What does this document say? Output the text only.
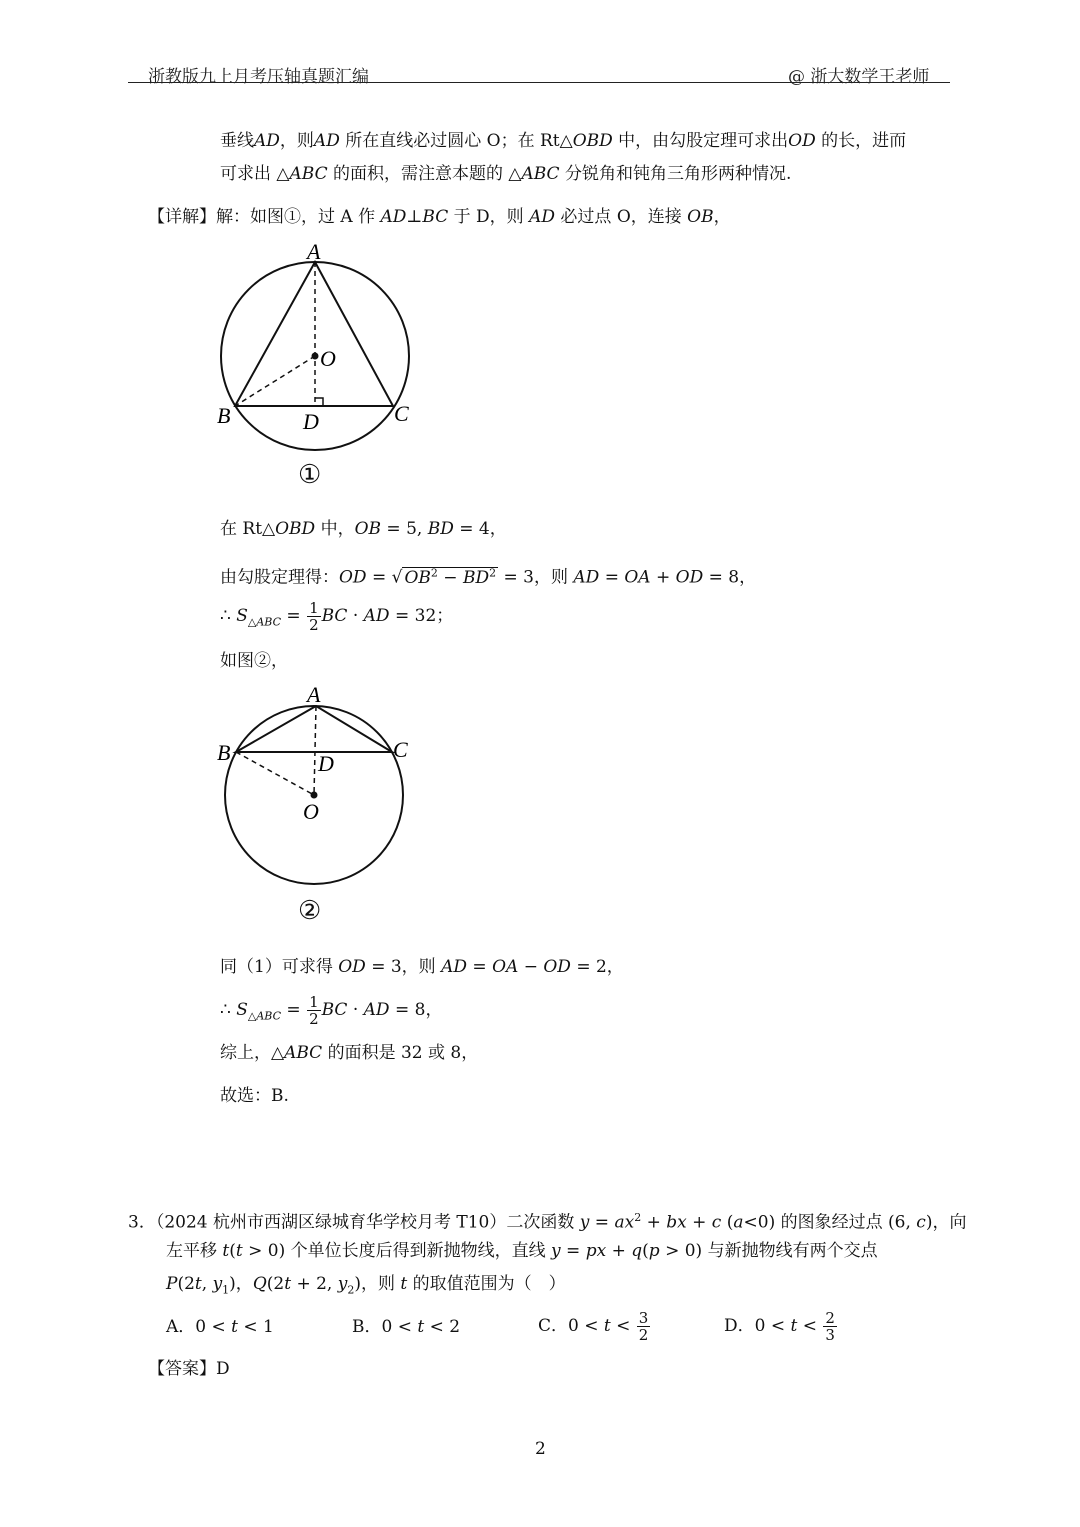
浙教版九上月考压轴真题汇编	@ 浙大数学王老师
垂线AD，则AD 所在直线必过圆心 O；在 Rt△OBD 中，由勾股定理可求出OD 的长，进而
可求出 △ABC 的面积，需注意本题的 △ABC 分锐角和钝角三角形两种情况.
【详解】解：如图①，过 A 作 AD⊥BC 于 D，则 AD 必过点 O，连接 OB，
A
B	C
D
O
①
在 Rt△OBD 中，OB = 5, BD = 4，
由勾股定理得：OD = √ $OB^2 - BD^2 = 3$，则 AD = OA + OD = 8，
∴ $S_{\triangle ABC} = \frac{1}{2}$ BC · AD = 32；
如图②，
A
B	C
D
O
②
同（1）可求得 OD = 3，则 AD = OA − OD = 2，
∴ $S_{\triangle ABC} = \frac{1}{2}$ BC · AD = 8，
综上，△ABC 的面积是 32 或 8，
故选：B.
3．（2024 杭州市西湖区绿城育华学校月考 T10）二次函数 $y = ax^2$ + bx + c (a<0) 的图象经过点 (6, c)，向
左平移 t(t > 0) 个单位长度后得到新抛物线，直线 y = px + q(p > 0) 与新抛物线有两个交点
P(2t, $y_1$)，Q(2t + 2, $y_2$)，则 t 的取值范围为（　）
A．0 < t < 1	B．0 < t < 2	C．$0 < t < \frac{3}{2}$	D．$0 < t < \frac{2}{3}$
【答案】D
2
